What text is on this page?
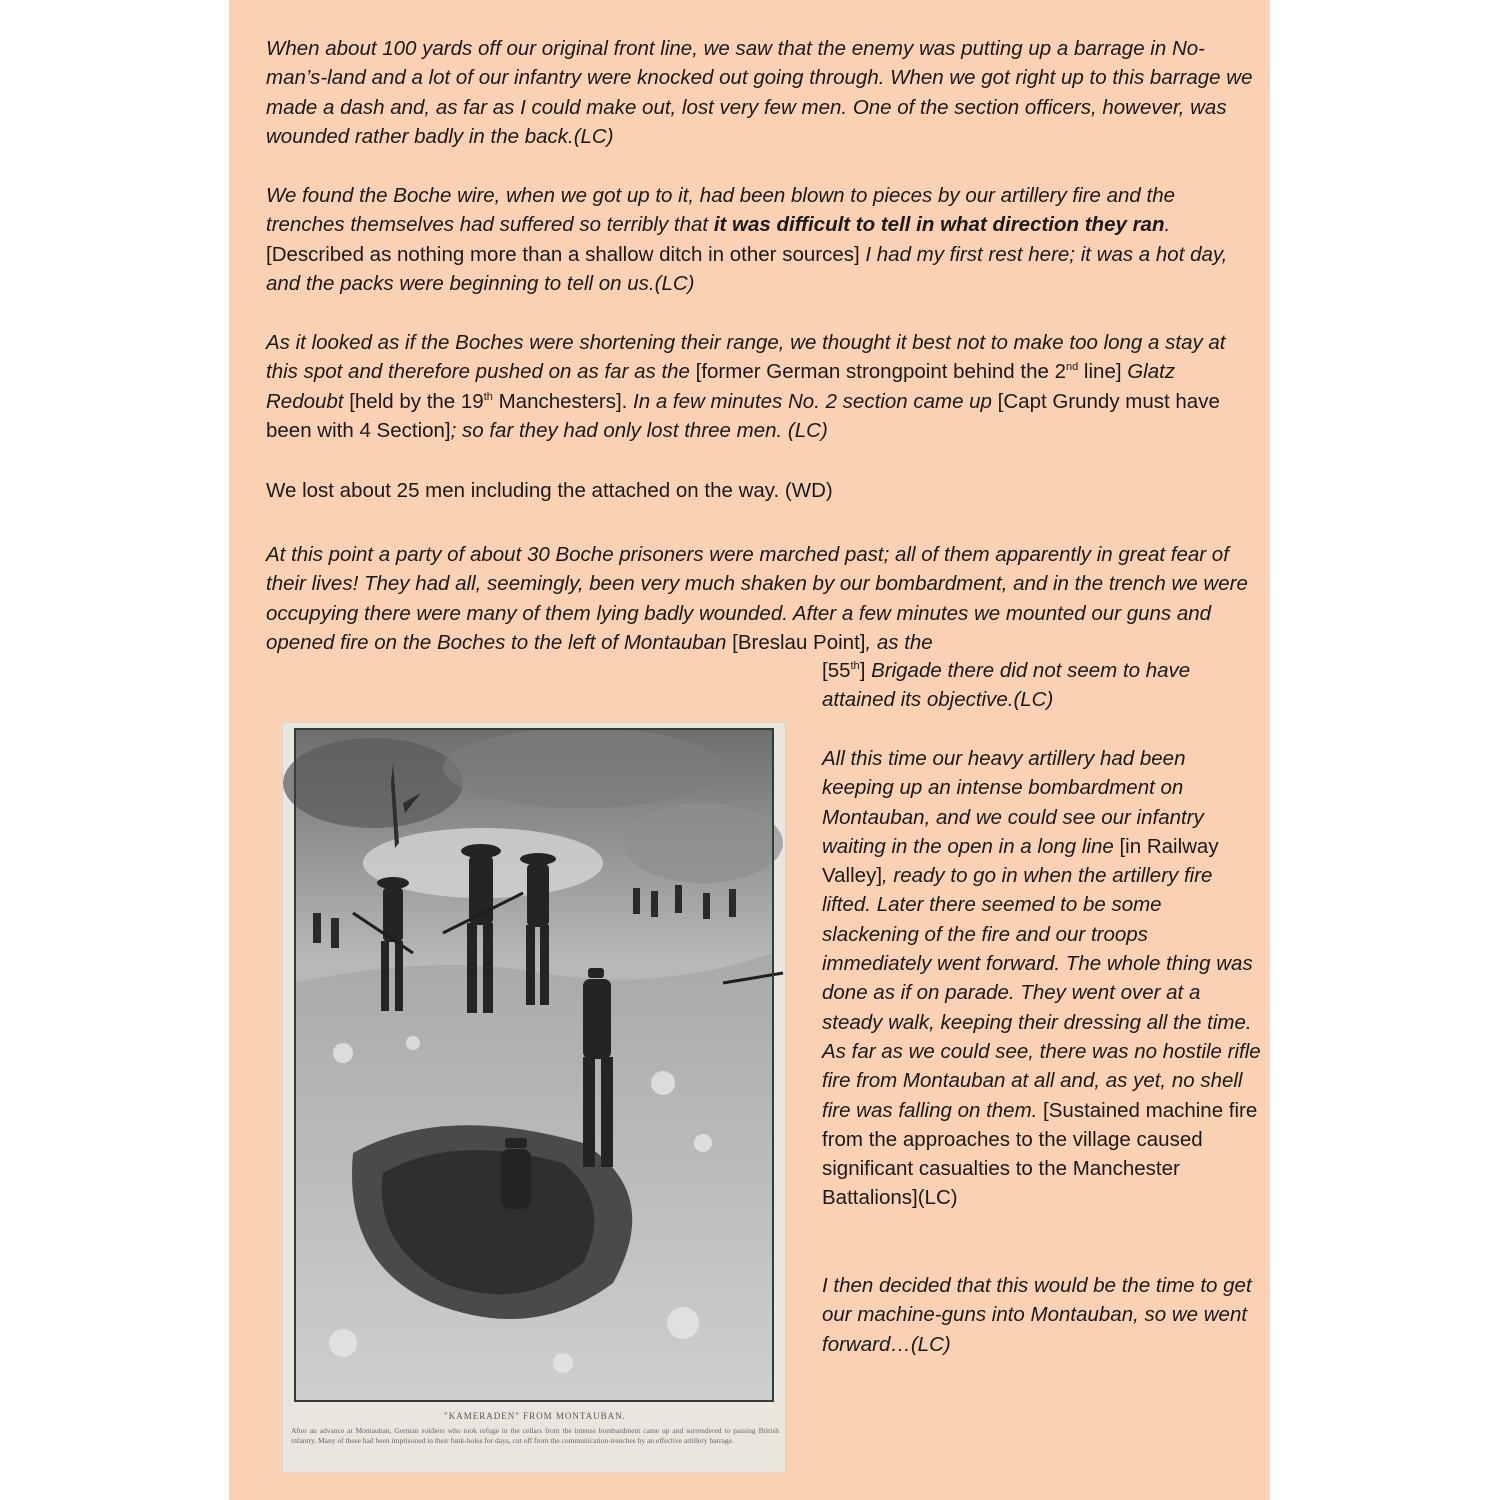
When about 100 yards off our original front line, we saw that the enemy was putting up a barrage in No-man’s-land and a lot of our infantry were knocked out going through. When we got right up to this barrage we made a dash and, as far as I could make out, lost very few men. One of the section officers, however, was wounded rather badly in the back.(LC)

We found the Boche wire, when we got up to it, had been blown to pieces by our artillery fire and the trenches themselves had suffered so terribly that it was difficult to tell in what direction they ran. [Described as nothing more than a shallow ditch in other sources] I had my first rest here; it was a hot day, and the packs were beginning to tell on us.(LC)

As it looked as if the Boches were shortening their range, we thought it best not to make too long a stay at this spot and therefore pushed on as far as the [former German strongpoint behind the 2nd line] Glatz Redoubt [held by the 19th Manchesters]. In a few minutes No. 2 section came up [Capt Grundy must have been with 4 Section]; so far they had only lost three men. (LC)

We lost about 25 men including the attached on the way. (WD)

At this point a party of about 30 Boche prisoners were marched past; all of them apparently in great fear of their lives! They had all, seemingly, been very much shaken by our bombardment, and in the trench we were occupying there were many of them lying badly wounded. After a few minutes we mounted our guns and opened fire on the Boches to the left of Montauban [Breslau Point], as the

[55th] Brigade there did not seem to have attained its objective.(LC)

All this time our heavy artillery had been keeping up an intense bombardment on Montauban, and we could see our infantry waiting in the open in a long line [in Railway Valley], ready to go in when the artillery fire lifted. Later there seemed to be some slackening of the fire and our troops immediately went forward. The whole thing was done as if on parade. They went over at a steady walk, keeping their dressing all the time. As far as we could see, there was no hostile rifle fire from Montauban at all and, as yet, no shell fire was falling on them. [Sustained machine fire from the approaches to the village caused significant casualties to the Manchester Battalions](LC)

I then decided that this would be the time to get our machine-guns into Montauban, so we went forward…(LC)

"KAMERADEN" FROM MONTAUBAN.
After an advance at Montauban, German soldiers who took refuge in the cellars from the intense bombardment came up and surrendered to passing British infantry. Many of these had been imprisoned in their funk-holes for days, cut off from the communication-trenches by an effective artillery barrage.
